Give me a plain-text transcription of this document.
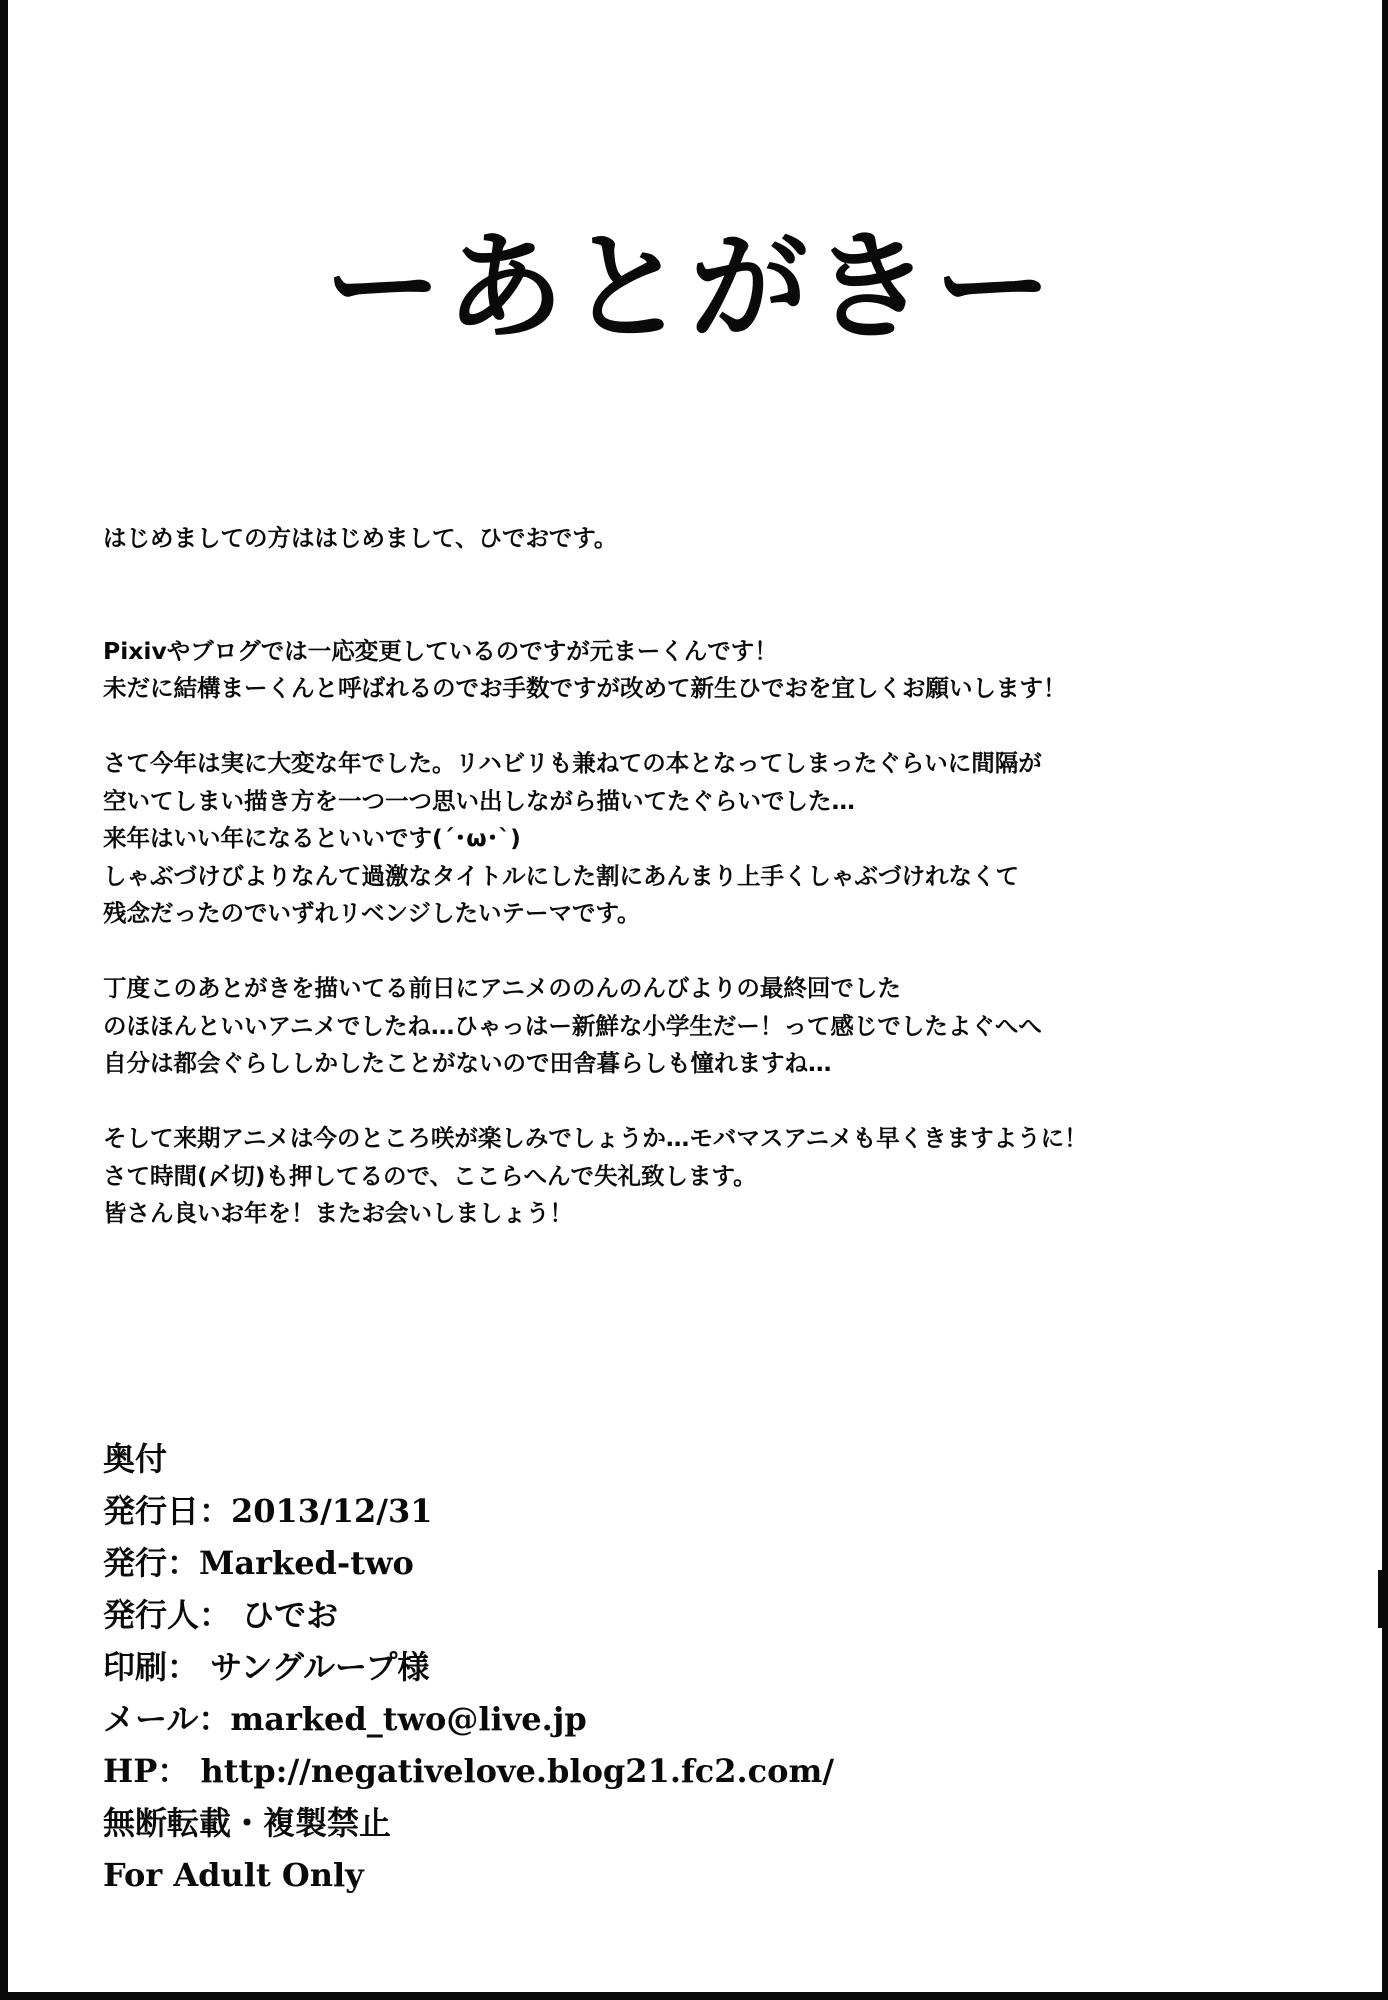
ーあとがきー
はじめましての方ははじめまして、ひでおです。
Pixivやブログでは一応変更しているのですが元まーくんです！
未だに結構まーくんと呼ばれるのでお手数ですが改めて新生ひでおを宜しくお願いします！
さて今年は実に大変な年でした。リハビリも兼ねての本となってしまったぐらいに間隔が
空いてしまい描き方を一つ一つ思い出しながら描いてたぐらいでした…
来年はいい年になるといいです(´･ω･`)
しゃぶづけびよりなんて過激なタイトルにした割にあんまり上手くしゃぶづけれなくて
残念だったのでいずれリベンジしたいテーマです。
丁度このあとがきを描いてる前日にアニメののんのんびよりの最終回でした
のほほんといいアニメでしたね…ひゃっはー新鮮な小学生だー！って感じでしたよぐへへ
自分は都会ぐらししかしたことがないので田舎暮らしも憧れますね…
そして来期アニメは今のところ咲が楽しみでしょうか…モバマスアニメも早くきますように！
さて時間(〆切)も押してるので、ここらへんで失礼致します。
皆さん良いお年を！またお会いしましょう！
奥付
発行日：2013/12/31
発行：Marked-two
発行人： ひでお
印刷： サングループ様
メール：marked_two@live.jp
HP： http://negativelove.blog21.fc2.com/
無断転載・複製禁止
For Adult Only
